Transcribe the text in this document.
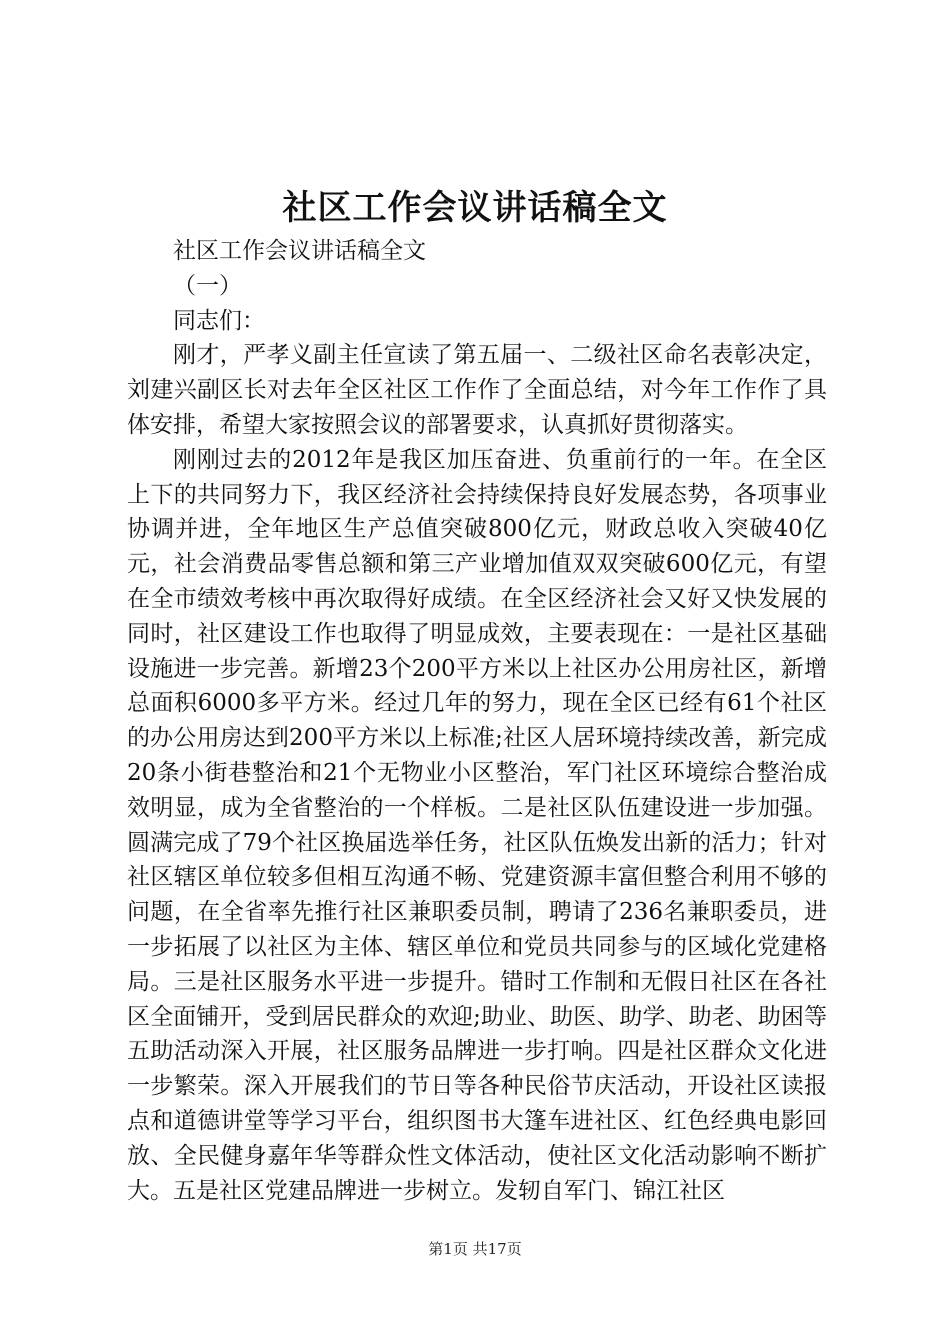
社区工作会议讲话稿全文

社区工作会议讲话稿全文

（一）

同志们：

刚才，严孝义副主任宣读了第五届一、二级社区命名表彰决定，刘建兴副区长对去年全区社区工作作了全面总结，对今年工作作了具体安排，希望大家按照会议的部署要求，认真抓好贯彻落实。

刚刚过去的2012年是我区加压奋进、负重前行的一年。在全区上下的共同努力下，我区经济社会持续保持良好发展态势，各项事业协调并进，全年地区生产总值突破800亿元，财政总收入突破40亿元，社会消费品零售总额和第三产业增加值双双突破600亿元，有望在全市绩效考核中再次取得好成绩。在全区经济社会又好又快发展的同时，社区建设工作也取得了明显成效，主要表现在：一是社区基础设施进一步完善。新增23个200平方米以上社区办公用房社区，新增总面积6000多平方米。经过几年的努力，现在全区已经有61个社区的办公用房达到200平方米以上标准;社区人居环境持续改善，新完成20条小街巷整治和21个无物业小区整治，军门社区环境综合整治成效明显，成为全省整治的一个样板。二是社区队伍建设进一步加强。圆满完成了79个社区换届选举任务，社区队伍焕发出新的活力；针对社区辖区单位较多但相互沟通不畅、党建资源丰富但整合利用不够的问题，在全省率先推行社区兼职委员制，聘请了236名兼职委员，进一步拓展了以社区为主体、辖区单位和党员共同参与的区域化党建格局。三是社区服务水平进一步提升。错时工作制和无假日社区在各社区全面铺开，受到居民群众的欢迎;助业、助医、助学、助老、助困等五助活动深入开展，社区服务品牌进一步打响。四是社区群众文化进一步繁荣。深入开展我们的节日等各种民俗节庆活动，开设社区读报点和道德讲堂等学习平台，组织图书大篷车进社区、红色经典电影回放、全民健身嘉年华等群众性文体活动，使社区文化活动影响不断扩大。五是社区党建品牌进一步树立。发轫自军门、锦江社区

第1页 共17页
